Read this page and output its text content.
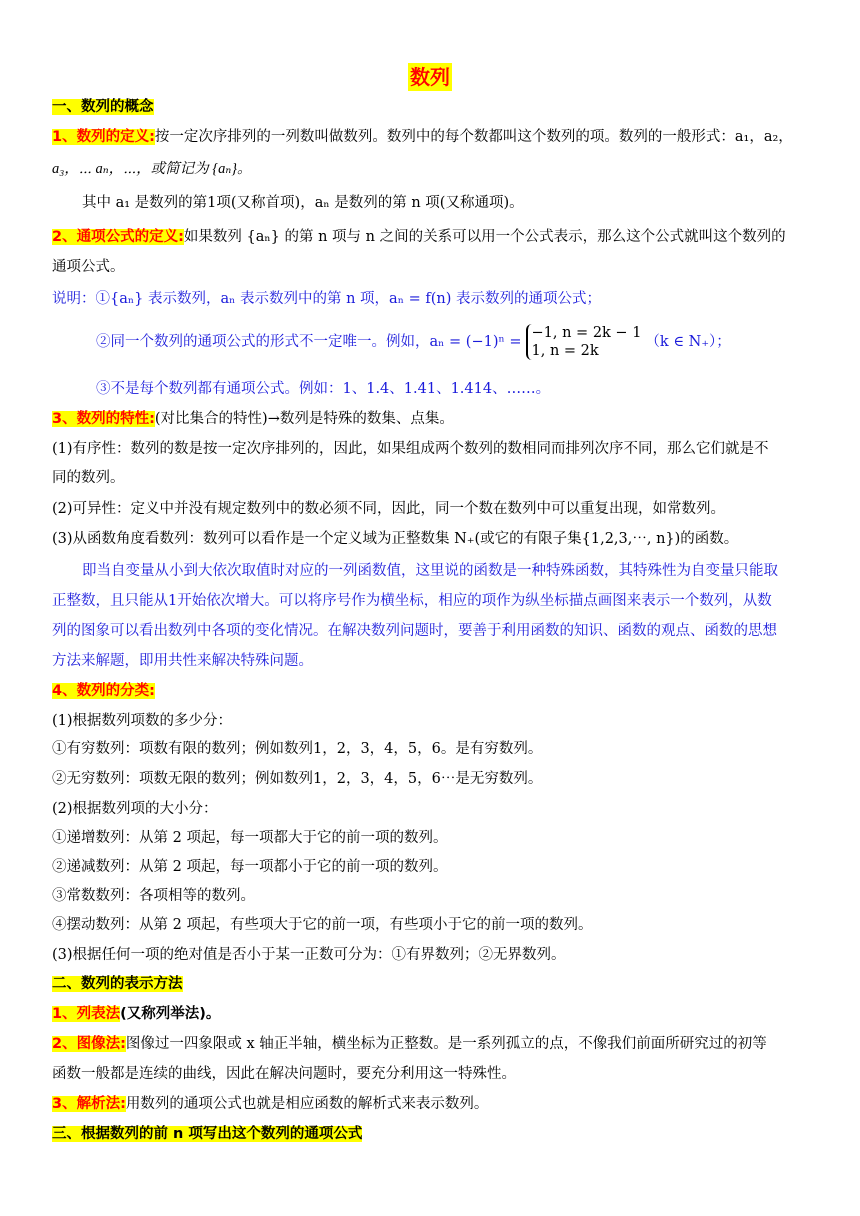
数列
一、数列的概念
1、数列的定义:按一定次序排列的一列数叫做数列。数列中的每个数都叫这个数列的项。数列的一般形式：a₁，a₂，
a₃，⋯ aₙ，⋯，或简记为 {aₙ}。
其中 a₁ 是数列的第1项(又称首项)，aₙ 是数列的第 n 项(又称通项)。
2、通项公式的定义:如果数列 {aₙ} 的第 n 项与 n 之间的关系可以用一个公式表示，那么这个公式就叫这个数列的
通项公式。
说明：①{aₙ} 表示数列，aₙ 表示数列中的第 n 项，aₙ = f(n) 表示数列的通项公式；
②同一个数列的通项公式的形式不一定唯一。例如，aₙ = (−1)ⁿ =
−1, n = 2k − 1
1, n = 2k
（k ∈ N₊）；
③不是每个数列都有通项公式。例如：1、1.4、1.41、1.414、……。
3、数列的特性:(对比集合的特性)→数列是特殊的数集、点集。
(1)有序性：数列的数是按一定次序排列的，因此，如果组成两个数列的数相同而排列次序不同，那么它们就是不
同的数列。
(2)可异性：定义中并没有规定数列中的数必须不同，因此，同一个数在数列中可以重复出现，如常数列。
(3)从函数角度看数列：数列可以看作是一个定义域为正整数集 N₊(或它的有限子集{1,2,3,⋯, n})的函数。
即当自变量从小到大依次取值时对应的一列函数值，这里说的函数是一种特殊函数，其特殊性为自变量只能取
正整数，且只能从1开始依次增大。可以将序号作为横坐标，相应的项作为纵坐标描点画图来表示一个数列，从数
列的图象可以看出数列中各项的变化情况。在解决数列问题时，要善于利用函数的知识、函数的观点、函数的思想
方法来解题，即用共性来解决特殊问题。
4、数列的分类:
(1)根据数列项数的多少分：
①有穷数列：项数有限的数列；例如数列1，2，3，4，5，6。是有穷数列。
②无穷数列：项数无限的数列；例如数列1，2，3，4，5，6⋯是无穷数列。
(2)根据数列项的大小分：
①递增数列：从第 2 项起，每一项都大于它的前一项的数列。
②递减数列：从第 2 项起，每一项都小于它的前一项的数列。
③常数数列：各项相等的数列。
④摆动数列：从第 2 项起，有些项大于它的前一项，有些项小于它的前一项的数列。
(3)根据任何一项的绝对值是否小于某一正数可分为：①有界数列；②无界数列。
二、数列的表示方法
1、列表法(又称列举法)。
2、图像法:图像过一四象限或 x 轴正半轴，横坐标为正整数。是一系列孤立的点，不像我们前面所研究过的初等
函数一般都是连续的曲线，因此在解决问题时，要充分利用这一特殊性。
3、解析法:用数列的通项公式也就是相应函数的解析式来表示数列。
三、根据数列的前 n 项写出这个数列的通项公式
